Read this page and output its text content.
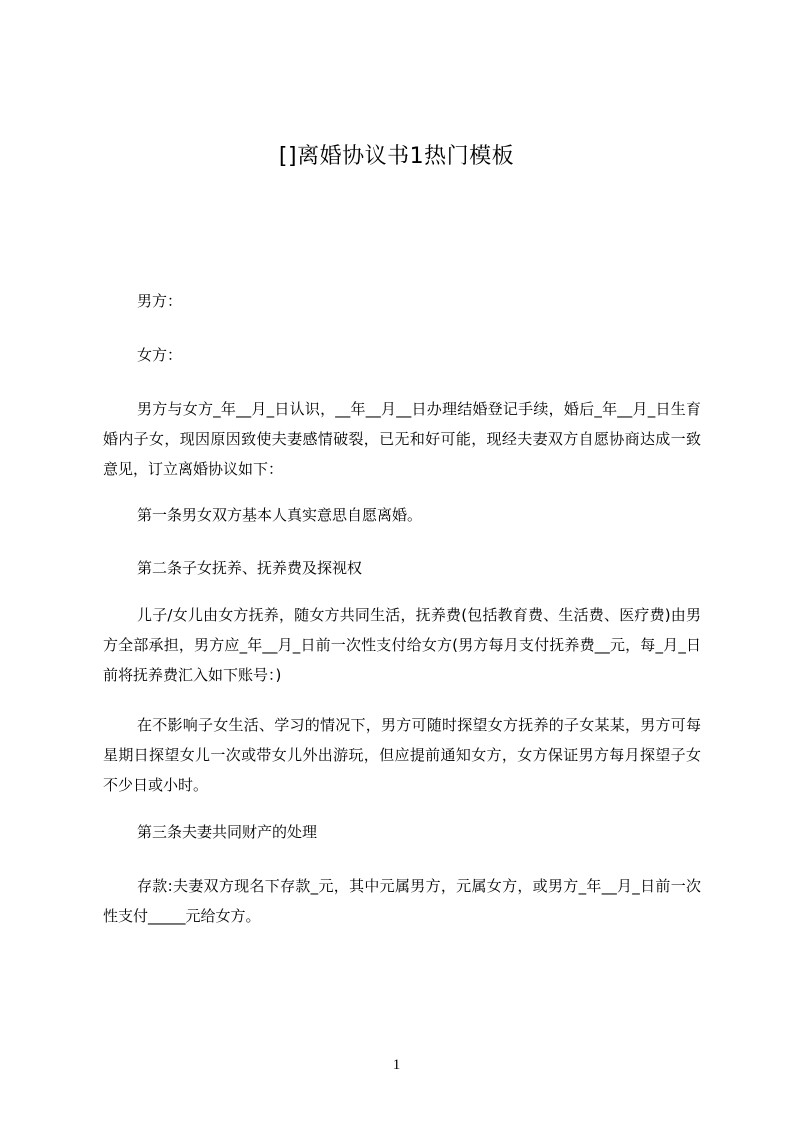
[]离婚协议书1热门模板

男方：

女方：

男方与女方_年__月_日认识，__年__月__日办理结婚登记手续，婚后_年__月_日生育婚内子女，现因原因致使夫妻感情破裂，已无和好可能，现经夫妻双方自愿协商达成一致意见，订立离婚协议如下：

第一条男女双方基本人真实意思自愿离婚。

第二条子女抚养、抚养费及探视权

儿子/女儿由女方抚养，随女方共同生活，抚养费(包括教育费、生活费、医疗费)由男方全部承担，男方应_年__月_日前一次性支付给女方(男方每月支付抚养费__元，每_月_日前将抚养费汇入如下账号：)

在不影响子女生活、学习的情况下，男方可随时探望女方抚养的子女某某，男方可每星期日探望女儿一次或带女儿外出游玩，但应提前通知女方，女方保证男方每月探望子女不少日或小时。

第三条夫妻共同财产的处理

存款:夫妻双方现名下存款_元，其中元属男方，元属女方，或男方_年__月_日前一次性支付_____元给女方。

1
